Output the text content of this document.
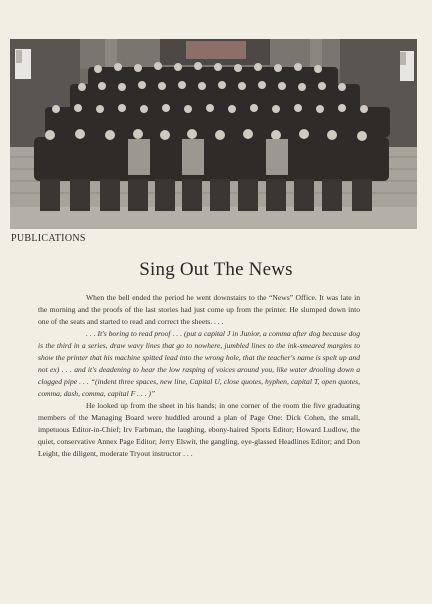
PUBLICATIONS
Sing Out The News

When the bell ended the period he went downstairs to the “News” Office. It was late in the morning and the proofs of the last stories had just come up from the printer. He slumped down into one of the seats and started to read and correct the sheets. . . .

. . . It's boring to read proof . . . (put a capital J in Junior, a comma after dog because dog is the third in a series, draw wavy lines that go to nowhere, jumbled lines to the ink-smeared margins to show the printer that his machine spitted lead into the wrong hole, that the teacher's name is spelt up and not ex) . . . and it's deadening to hear the low rasping of voices around you, like water drooling down a clogged pipe . . . “(indent three spaces, new line, Capital U, close quotes, hyphen, capital T, open quotes, comma, dash, comma, capital F . . . )”

He looked up from the sheet in his hands; in one corner of the room the five graduating members of the Managing Board were huddled around a plan of Page One: Dick Cohen, the small, impetuous Editor-in-Chief; Irv Farbman, the laughing, ebony-haired Sports Editor; Howard Ludlow, the quiet, conservative Annex Page Editor; Jerry Elswit, the gangling, eye-glassed Headlines Editor; and Don Leight, the diligent, moderate Tryout instructor . . .
